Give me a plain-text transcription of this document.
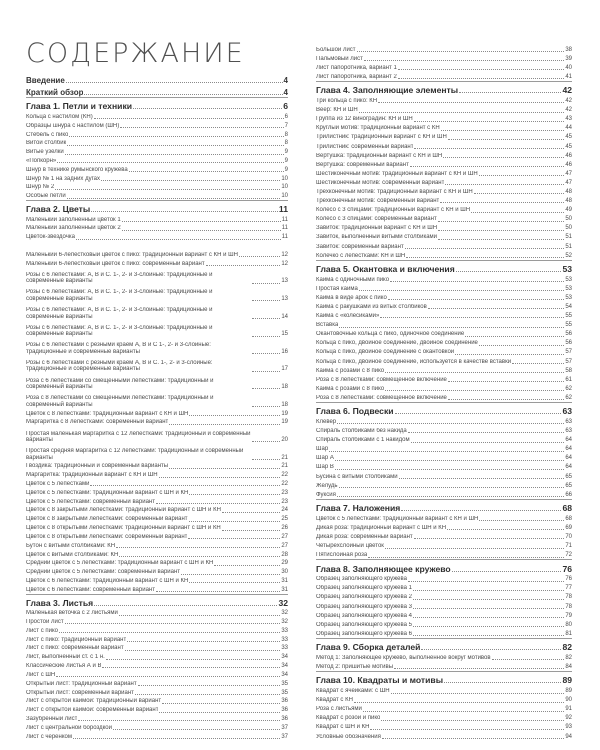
СОДЕРЖАНИЕ
Введение	4
Краткий обзор	4
Глава 1. Петли и техники	6
Кольца с настилом (КН)	6
Образцы шнура с настилом (ШН)	7
Стебель с пико	8
Витой столбик	8
Витые узелки	9
«Попкорн»	9
Шнур в технике румынского кружева	9
Шнур № 1 на задних дугах	10
Шнур № 2	10
Особые петли	10
Глава 2. Цветы	11
Маленький заполненный цветок 1	11
Маленький заполненный цветок 2	11
Цветок-звездочка	11
Маленький 6-лепестковый цветок с пико: традиционный вариант с КН и ШН	12
Маленький 6-лепестковый цветок с пико: современный вариант	12
Розы с 6 лепестками: А, В и С. 1-, 2- и 3-слойные: традиционные и современные варианты	13
Розы с 6 лепестками: А, В и С. 1-, 2- и 3-слойные: традиционные и современные варианты	13
Розы с 6 лепестками: А, В и С. 1-, 2- и 3-слойные: традиционные и современные варианты	14
Розы с 6 лепестками: А, В и С. 1-, 2- и 3-слойные: традиционные и современные варианты	15
Розы с 6 лепестками с резными краем А, В и С 1-, 2- и 3-слойные: традиционные и современные варианты	16
Розы с 6 лепестками с резными краем А, В и С. 1-, 2- и 3-слойные: традиционные и современные варианты	17
Роза с 6 лепестками со смещенными лепестками: традиционный и современный варианты	18
Роза с 8 лепестками со смещенными лепестками: традиционный и современный варианты	18
Цветок с 8 лепестками: традиционный вариант с КН и ШН	19
Маргаритка с 8 лепестками: современный вариант	19
Простая маленькая маргаритка с 12 лепестками: традиционный и современный варианты	20
Простая средняя маргаритка с 12 лепестками: традиционный и современный варианты	21
Гвоздика: традиционный и современный варианты	21
Маргаритка: традиционный вариант с КН и ШН	22
Цветок с 5 лепестками	22
Цветок с 5 лепестками: традиционный вариант с ШН и КН	23
Цветок с 5 лепестками: современный вариант	23
Цветок с 8 закрытыми лепестками: традиционный вариант с ШН и КН	24
Цветок с 8 закрытыми лепестками: современный вариант	25
Цветок с 8 открытыми лепестками: традиционный вариант с ШН и КН	26
Цветок с 8 открытыми лепестками: современный вариант	27
Бутон с витыми столбиками: КН	27
Цветок с витыми столбиками: КН	28
Средний цветок с 5 лепестками: традиционный вариант с ШН и КН	29
Средний цветок с 5 лепестками: современный вариант	30
Цветок с 6 лепестками: традиционный вариант с ШН и КН	31
Цветок с 6 лепестками: современный вариант	31
Глава 3. Листья	32
Маленькая веточка с 2 листьями	32
Простой лист	32
Лист с пико	33
Лист с пико: традиционный вариант	33
Лист с пико: современный вариант	33
Лист, выполненный ст. с 1 н.	34
Классические листья А и В	34
Лист с ШН	34
Открытый лист: традиционный вариант	35
Открытый лист: современный вариант	35
Лист с открытой каймой: традиционный вариант	36
Лист с открытой каймой: современный вариант	36
Зазубренный лист	36
Лист с центральной бороздкой	37
Лист с черенком	37
Большой лист	38
Пальмовый лист	39
Лист папоротника, вариант 1	40
Лист папоротника, вариант 2	41
Глава 4. Заполняющие элементы	42
Три кольца с пико: КН	42
Веер: КН и ШН	42
Группа из 12 виноградин: КН и ШН	43
Круглый мотив: традиционный вариант с КН	44
Трилистник: традиционный вариант с КН и ШН	45
Трилистник: современный вариант	45
Вертушка: традиционный вариант с КН и ШН	46
Вертушка: современный вариант	46
Шестиконечный мотив: традиционный вариант с КН и ШН	47
Шестиконечный мотив: современный вариант	47
Трехконечный мотив: традиционный вариант с КН и ШН	48
Трехконечный мотив: современный вариант	48
Колесо с 3 спицами: традиционный вариант с КН и ШН	49
Колесо с 3 спицами: современный вариант	50
Завиток: традиционный вариант с КН и ШН	50
Завиток, выполненный витыми столбиками	51
Завиток: современный вариант	51
Колечко с лепестками: КН и ШН	52
Глава 5. Окантовка и включения	53
Кайма с одиночными пико	53
Простая кайма	53
Кайма в виде арок с пико	53
Кайма с ракушками из витых столбиков	54
Кайма с «колесиками»	55
Вставка	55
Окантовочные кольца с пико, одиночное соединение	56
Кольца с пико, двойное соединение, двойное соединение	56
Кольца с пико, двойное соединение с окантовкой	57
Кольца с пико, двойное соединение, используется в качестве вставки	57
Кайма с розами с 8 пико	58
Роза с 8 лепестками: совмещенное включение	61
Кайма с розами с 8 пико	62
Роза с 8 лепестками: совмещенное включение	62
Глава 6. Подвески	63
Клевер	63
Спираль столбиками без накида	63
Спираль столбиками с 1 накидом	64
Шар	64
Шар А	64
Шар В	64
Бусина с витыми столбиками	65
Желудь	65
Фуксия	66
Глава 7. Наложения	68
Цветок с 5 лепестками: традиционный вариант с КН и ШН	68
Дикая роза: традиционный вариант с ШН и КН	69
Дикая роза: современный вариант	70
Четырехслойный цветок	71
Пятислойная роза	72
Глава 8. Заполняющее кружево	76
Образец заполняющего кружева	76
Образец заполняющего кружева 1	77
Образец заполняющего кружева 2	78
Образец заполняющего кружева 3	78
Образец заполняющего кружева 4	79
Образец заполняющего кружева 5	80
Образец заполняющего кружева 6	81
Глава 9. Сборка деталей	82
Метод 1: Заполняющее кружево, выполненное вокруг мотивов	82
Метод 2: пришитые мотивы	84
Глава 10. Квадраты и мотивы	89
Квадрат с ячейками: с ШН	89
Квадрат с КН	90
Роза с листьями	91
Квадрат с розой и пико	92
Квадрат с ШН и КН	93
Условные обозначения	94
